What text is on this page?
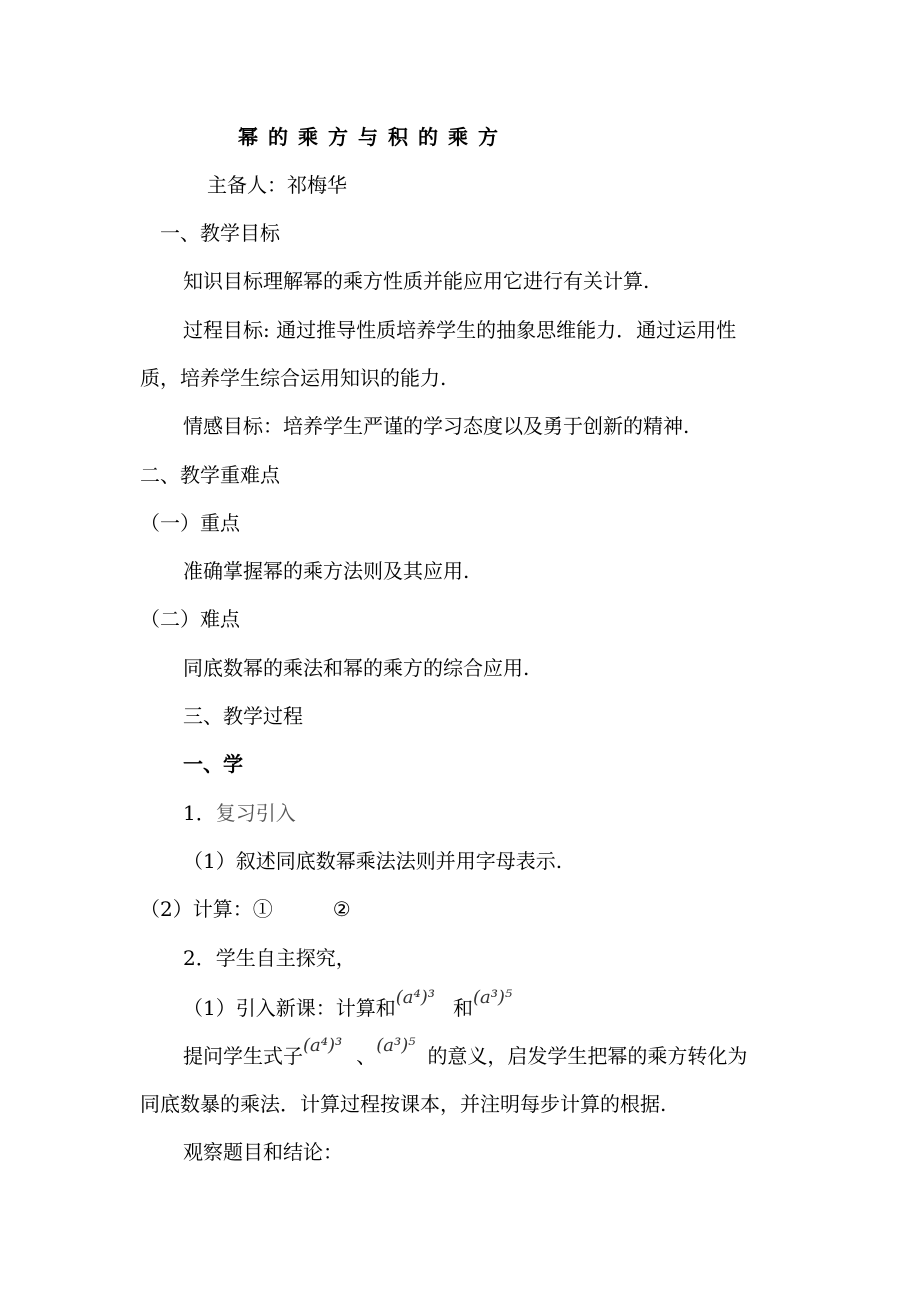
幂的乘方与积的乘方
主备人：祁梅华
一、教学目标
知识目标理解幂的乘方性质并能应用它进行有关计算.
过程目标: 通过推导性质培养学生的抽象思维能力．通过运用性
质，培养学生综合运用知识的能力.
情感目标：培养学生严谨的学习态度以及勇于创新的精神.
二、教学重难点
（一）重点
准确掌握幂的乘方法则及其应用.
（二）难点
同底数幂的乘法和幂的乘方的综合应用.
三、教学过程
一、学
1．复习引入
（1）叙述同底数幂乘法法则并用字母表示.
（2）计算：①	②
2．学生自主探究，
（1）引入新课：计算和(a⁴)³ 和(a³)⁵
提问学生式子(a⁴)³ 、(a³)⁵ 的意义，启发学生把幂的乘方转化为
同底数暴的乘法．计算过程按课本，并注明每步计算的根据.
观察题目和结论：
